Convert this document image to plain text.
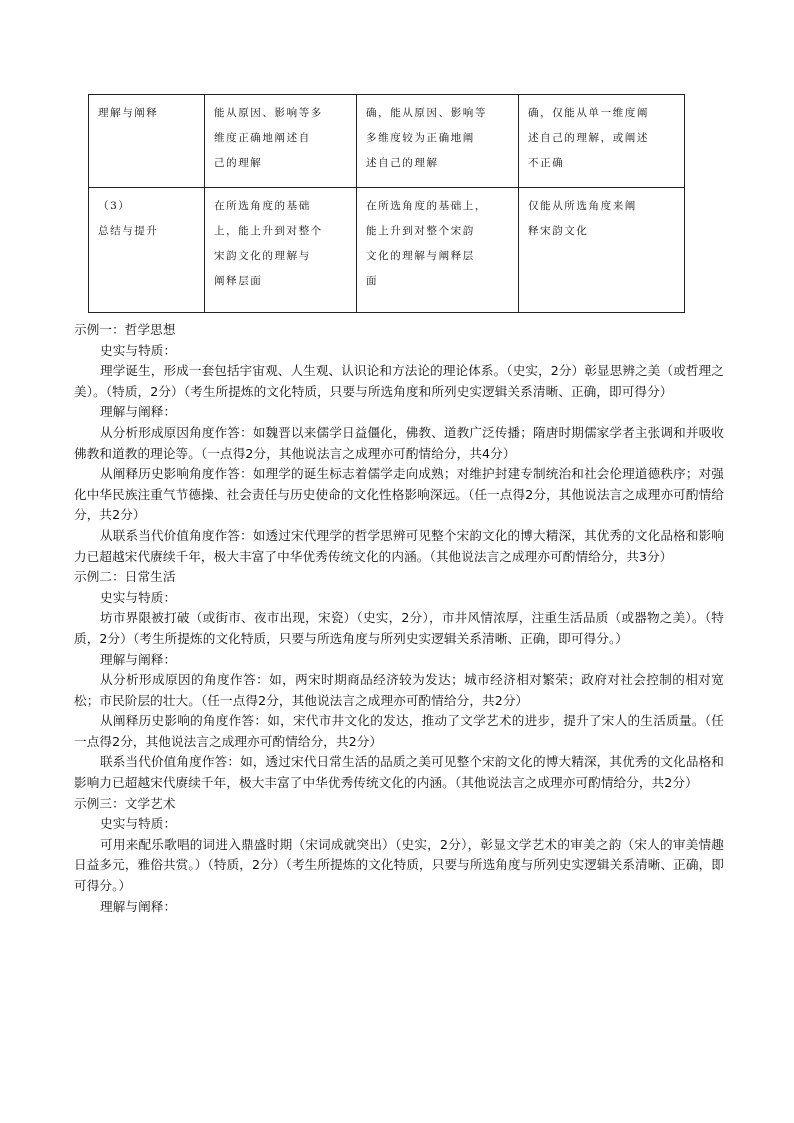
理解与阐释	能从原因、影响等多
维度正确地阐述自
己的理解	确，能从原因、影响等
多维度较为正确地阐
述自己的理解	确，仅能从单一维度阐
述自己的理解，或阐述
不正确
（3）
总结与提升	在所选角度的基础
上，能上升到对整个
宋韵文化的理解与
阐释层面	在所选角度的基础上，
能上升到对整个宋韵
文化的理解与阐释层
面	仅能从所选角度来阐
释宋韵文化

示例一：哲学思想

史实与特质：

理学诞生，形成一套包括宇宙观、人生观、认识论和方法论的理论体系。（史实，2分）彰显思辨之美（或哲理之美）。（特质，2分）（考生所提炼的文化特质，只要与所选角度和所列史实逻辑关系清晰、正确，即可得分）

理解与阐释：

从分析形成原因角度作答：如魏晋以来儒学日益僵化，佛教、道教广泛传播；隋唐时期儒家学者主张调和并吸收佛教和道教的理论等。（一点得2分，其他说法言之成理亦可酌情给分，共4分）

从阐释历史影响角度作答：如理学的诞生标志着儒学走向成熟；对维护封建专制统治和社会伦理道德秩序；对强化中华民族注重气节德操、社会责任与历史使命的文化性格影响深远。（任一点得2分，其他说法言之成理亦可酌情给分，共2分）

从联系当代价值角度作答：如透过宋代理学的哲学思辨可见整个宋韵文化的博大精深，其优秀的文化品格和影响力已超越宋代赓续千年，极大丰富了中华优秀传统文化的内涵。（其他说法言之成理亦可酌情给分，共3分）

示例二：日常生活

史实与特质：

坊市界限被打破（或街市、夜市出现，宋瓷）（史实，2分），市井风情浓厚，注重生活品质（或器物之美）。（特质，2分）（考生所提炼的文化特质，只要与所选角度与所列史实逻辑关系清晰、正确，即可得分。）

理解与阐释：

从分析形成原因的角度作答：如，两宋时期商品经济较为发达；城市经济相对繁荣；政府对社会控制的相对宽松；市民阶层的壮大。（任一点得2分，其他说法言之成理亦可酌情给分，共2分）

从阐释历史影响的角度作答：如，宋代市井文化的发达，推动了文学艺术的进步，提升了宋人的生活质量。（任一点得2分，其他说法言之成理亦可酌情给分，共2分）

联系当代价值角度作答：如，透过宋代日常生活的品质之美可见整个宋韵文化的博大精深，其优秀的文化品格和影响力已超越宋代赓续千年，极大丰富了中华优秀传统文化的内涵。（其他说法言之成理亦可酌情给分，共2分）

示例三：文学艺术

史实与特质：

可用来配乐歌唱的词进入鼎盛时期（宋词成就突出）（史实，2分），彰显文学艺术的审美之韵（宋人的审美情趣日益多元，雅俗共赏。）（特质，2分）（考生所提炼的文化特质，只要与所选角度与所列史实逻辑关系清晰、正确，即可得分。）

理解与阐释：
